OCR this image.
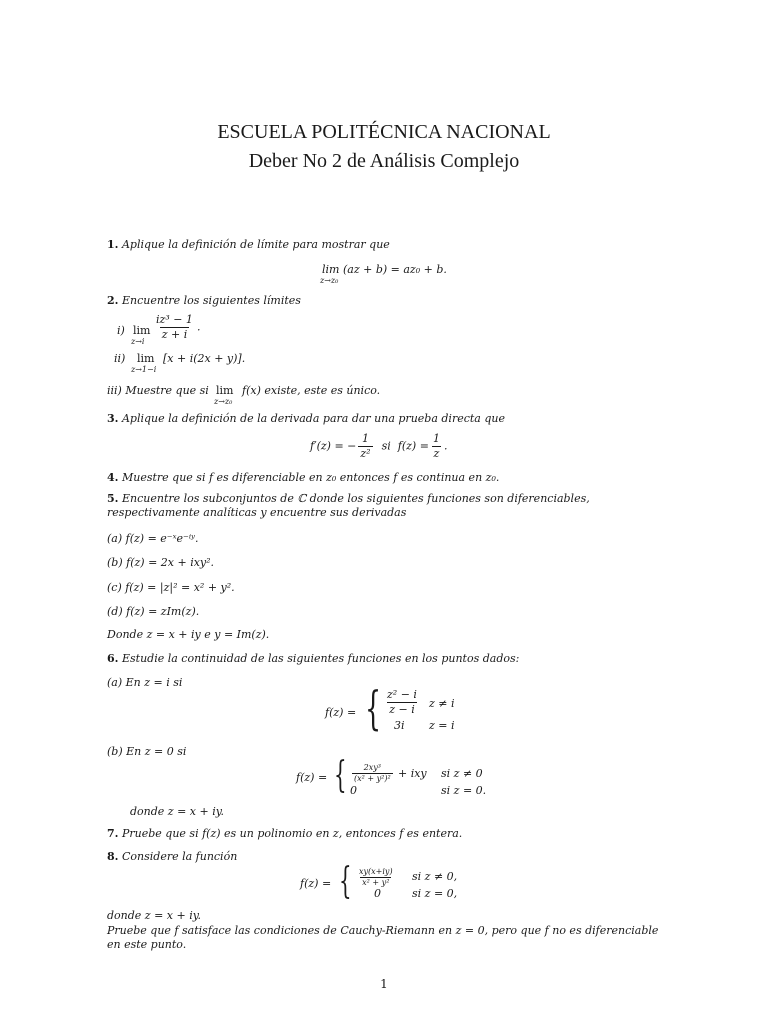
ESCUELA POLITÉCNICA NACIONAL
Deber No 2 de Análisis Complejo
1. Aplique la definición de límite para mostrar que
lim (az + b) = az₀ + b.
z→z₀
2. Encuentre los siguientes límites
i) lim
$z\to i \frac{\text{iz³ − 1}}{z + i}$ .
ii) lim
z→1−i
[x + i(2x + y)].
iii) Muestre que si lim
z→z₀
f(x) existe, este es único.
3. Aplique la definición de la derivada para dar una prueba directa que
f′(z) = − $\frac{1}{\text{z²}}$ si $f(z) = \frac{1}{z}$ .
4. Muestre que si f es diferenciable en z₀ entonces f es continua en z₀.
5. Encuentre los subconjuntos de ℂ donde los siguientes funciones son diferenciables, respectivamente analíticas y encuentre sus derivadas
(a) f(z) = e⁻ˣe⁻ⁱʸ.
(b) f(z) = 2x + ixy².
(c) f(z) = |z|² = x² + y².
(d) f(z) = zIm(z).
Donde z = x + iy e y = Im(z).
6. Estudie la continuidad de las siguientes funciones en los puntos dados:
(a) En z = i si
f(z) = { $\frac{\text{z² − i}}{z - i}$ z ≠ i
3i z = i
(b) En z = 0 si
f(z) = { $\frac{\text{2xy³}}{\text{(x² + y²)²}}$ + ixy si z ≠ 0
0	si z = 0.
donde z = x + iy.
7. Pruebe que si f(z) es un polinomio en z, entonces f es entera.
8. Considere la función
f(z) = { $\frac{xy(x+iy)}{\text{x² + y²}}$ si z ≠ 0,
0	si z = 0,
donde z = x + iy.
Pruebe que f satisface las condiciones de Cauchy-Riemann en z = 0, pero que f no es diferenciable en este punto.
1
